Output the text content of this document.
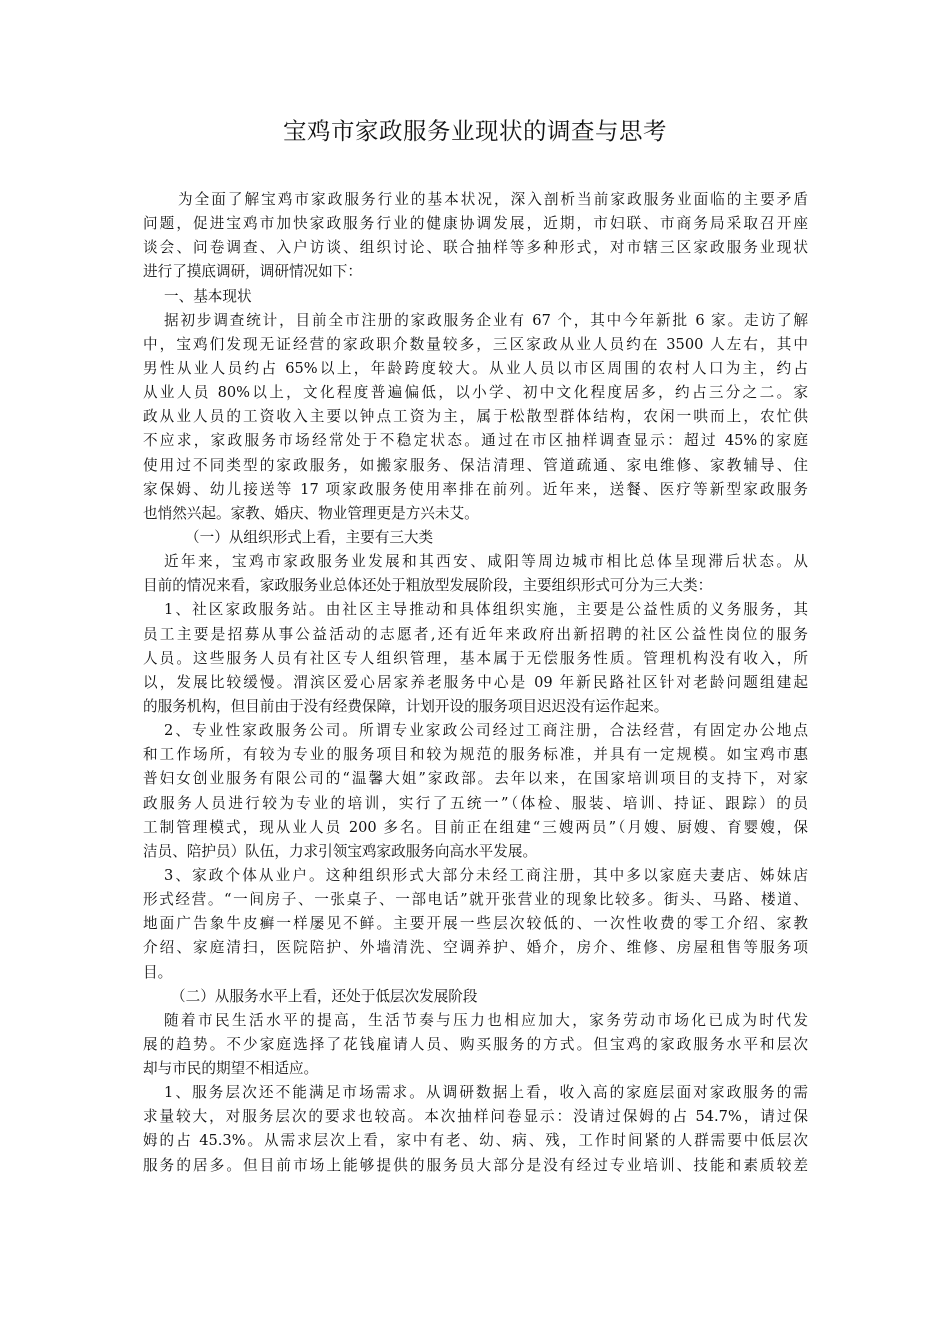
宝鸡市家政服务业现状的调查与思考
为全面了解宝鸡市家政服务行业的基本状况，深入剖析当前家政服务业面临的主要矛盾
问题，促进宝鸡市加快家政服务行业的健康协调发展，近期，市妇联、市商务局采取召开座
谈会、问卷调查、入户访谈、组织讨论、联合抽样等多种形式，对市辖三区家政服务业现状
进行了摸底调研，调研情况如下：
一、基本现状
据初步调查统计，目前全市注册的家政服务企业有 67 个，其中今年新批 6 家。走访了解
中，宝鸡们发现无证经营的家政职介数量较多，三区家政从业人员约在 3500 人左右，其中
男性从业人员约占 65%以上，年龄跨度较大。从业人员以市区周围的农村人口为主，约占
从业人员 80%以上，文化程度普遍偏低，以小学、初中文化程度居多，约占三分之二。家
政从业人员的工资收入主要以钟点工资为主，属于松散型群体结构，农闲一哄而上，农忙供
不应求，家政服务市场经常处于不稳定状态。通过在市区抽样调查显示：超过 45%的家庭
使用过不同类型的家政服务，如搬家服务、保洁清理、管道疏通、家电维修、家教辅导、住
家保姆、幼儿接送等 17 项家政服务使用率排在前列。近年来，送餐、医疗等新型家政服务
也悄然兴起。家教、婚庆、物业管理更是方兴未艾。
（一）从组织形式上看，主要有三大类
近年来，宝鸡市家政服务业发展和其西安、咸阳等周边城市相比总体呈现滞后状态。从
目前的情况来看，家政服务业总体还处于粗放型发展阶段，主要组织形式可分为三大类：
1、社区家政服务站。由社区主导推动和具体组织实施，主要是公益性质的义务服务，其
员工主要是招募从事公益活动的志愿者,还有近年来政府出新招聘的社区公益性岗位的服务
人员。这些服务人员有社区专人组织管理，基本属于无偿服务性质。管理机构没有收入，所
以，发展比较缓慢。渭滨区爱心居家养老服务中心是 09 年新民路社区针对老龄问题组建起
的服务机构，但目前由于没有经费保障，计划开设的服务项目迟迟没有运作起来。
2、专业性家政服务公司。所谓专业家政公司经过工商注册，合法经营，有固定办公地点
和工作场所，有较为专业的服务项目和较为规范的服务标准，并具有一定规模。如宝鸡市惠
普妇女创业服务有限公司的“温馨大姐”家政部。去年以来，在国家培训项目的支持下，对家
政服务人员进行较为专业的培训，实行了五统一”（体检、服装、培训、持证、跟踪）的员
工制管理模式，现从业人员 200 多名。目前正在组建“三嫂两员”（月嫂、厨嫂、育婴嫂，保
洁员、陪护员）队伍，力求引领宝鸡家政服务向高水平发展。
3、家政个体从业户。这种组织形式大部分未经工商注册，其中多以家庭夫妻店、姊妹店
形式经营。“一间房子、一张桌子、一部电话”就开张营业的现象比较多。街头、马路、楼道、
地面广告象牛皮癣一样屡见不鲜。主要开展一些层次较低的、一次性收费的零工介绍、家教
介绍、家庭清扫，医院陪护、外墙清洗、空调养护、婚介，房介、维修、房屋租售等服务项
目。
（二）从服务水平上看，还处于低层次发展阶段
随着市民生活水平的提高，生活节奏与压力也相应加大，家务劳动市场化已成为时代发
展的趋势。不少家庭选择了花钱雇请人员、购买服务的方式。但宝鸡的家政服务水平和层次
却与市民的期望不相适应。
1、服务层次还不能满足市场需求。从调研数据上看，收入高的家庭层面对家政服务的需
求量较大，对服务层次的要求也较高。本次抽样问卷显示：没请过保姆的占 54.7%，请过保
姆的占 45.3%。从需求层次上看，家中有老、幼、病、残，工作时间紧的人群需要中低层次
服务的居多。但目前市场上能够提供的服务员大部分是没有经过专业培训、技能和素质较差
